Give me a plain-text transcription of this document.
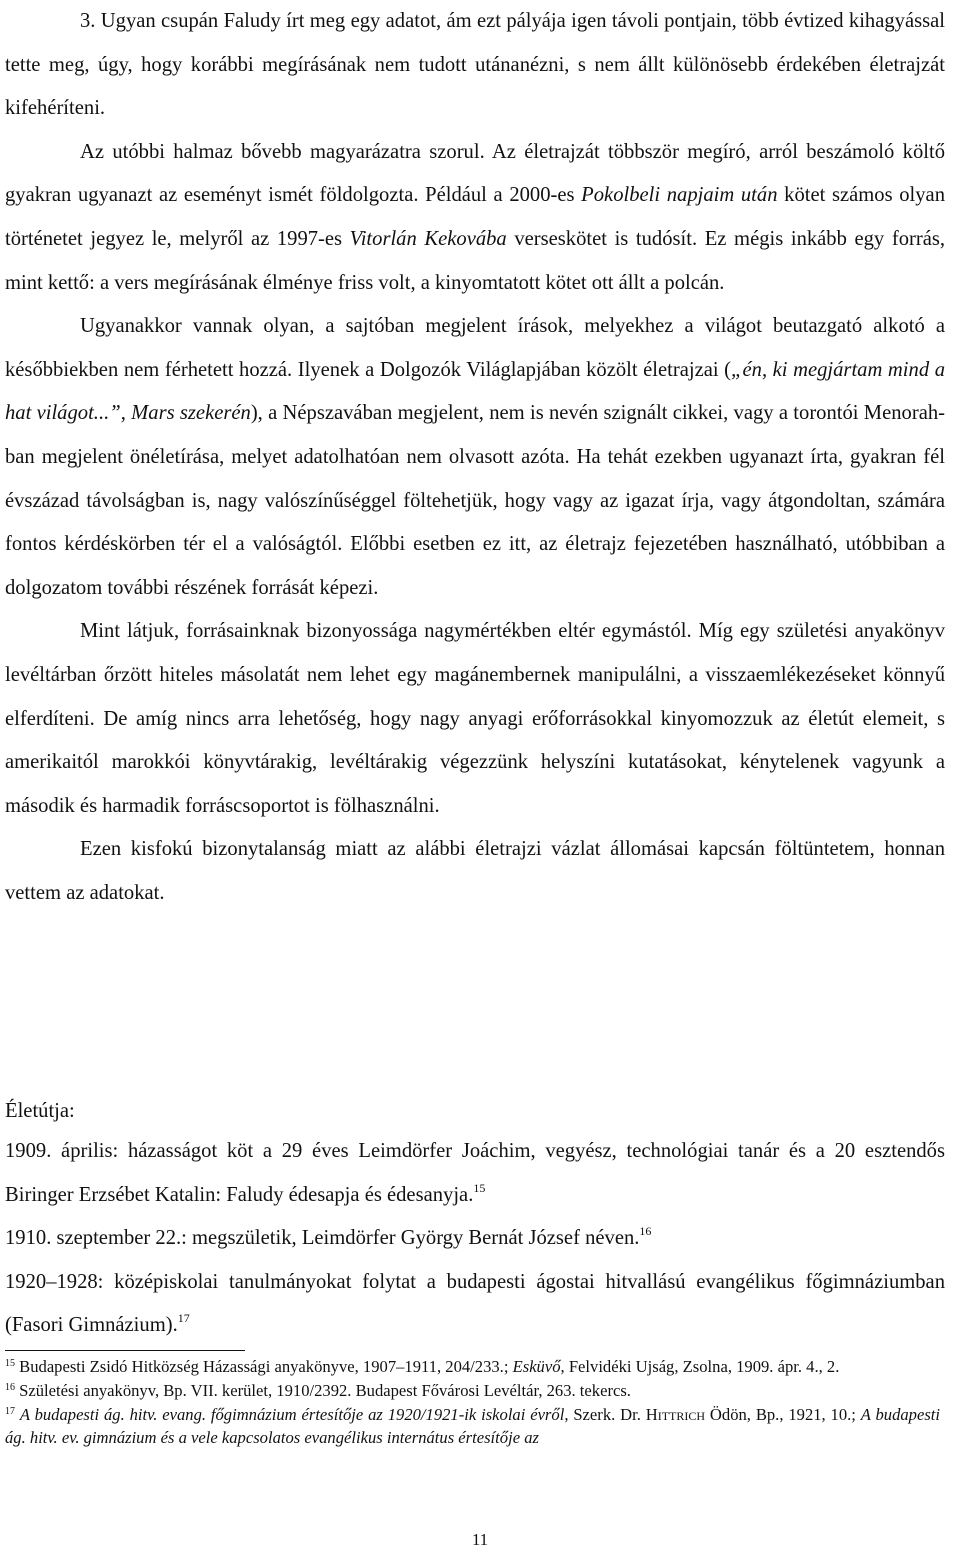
3. Ugyan csupán Faludy írt meg egy adatot, ám ezt pályája igen távoli pontjain, több évtized kihagyással tette meg, úgy, hogy korábbi megírásának nem tudott utánanézni, s nem állt különösebb érdekében életrajzát kifehéríteni.

Az utóbbi halmaz bővebb magyarázatra szorul. Az életrajzát többször megíró, arról beszámoló költő gyakran ugyanazt az eseményt ismét földolgozta. Például a 2000-es Pokolbeli napjaim után kötet számos olyan történetet jegyez le, melyről az 1997-es Vitorlán Kekovába verseskötet is tudósít. Ez mégis inkább egy forrás, mint kettő: a vers megírásának élménye friss volt, a kinyomtatott kötet ott állt a polcán.

Ugyanakkor vannak olyan, a sajtóban megjelent írások, melyekhez a világot beutazgató alkotó a későbbiekben nem férhetett hozzá. Ilyenek a Dolgozók Világlapjában közölt életrajzai („én, ki megjártam mind a hat világot...”, Mars szekerén), a Népszavában megjelent, nem is nevén szignált cikkei, vagy a torontói Menorah-ban megjelent önéletírása, melyet adatolhatóan nem olvasott azóta. Ha tehát ezekben ugyanazt írta, gyakran fél évszázad távolságban is, nagy valószínűséggel föltehetjük, hogy vagy az igazat írja, vagy átgondoltan, számára fontos kérdéskörben tér el a valóságtól. Előbbi esetben ez itt, az életrajz fejezetében használható, utóbbiban a dolgozatom további részének forrását képezi.

Mint látjuk, forrásainknak bizonyossága nagymértékben eltér egymástól. Míg egy születési anyakönyv levéltárban őrzött hiteles másolatát nem lehet egy magánembernek manipulálni, a visszaemlékezéseket könnyű elferdíteni. De amíg nincs arra lehetőség, hogy nagy anyagi erőforrásokkal kinyomozzuk az életút elemeit, s amerikaitól marokkói könyvtárakig, levéltárakig végezzünk helyszíni kutatásokat, kénytelenek vagyunk a második és harmadik forráscsoportot is fölhasználni.

Ezen kisfokú bizonytalanság miatt az alábbi életrajzi vázlat állomásai kapcsán föltüntetem, honnan vettem az adatokat.

Életútja:

1909. április: házasságot köt a 29 éves Leimdörfer Joáchim, vegyész, technológiai tanár és a 20 esztendős Biringer Erzsébet Katalin: Faludy édesapja és édesanyja.$^{15}$

1910. szeptember 22.: megszületik, Leimdörfer György Bernát József néven.$^{16}$

1920–1928: középiskolai tanulmányokat folytat a budapesti ágostai hitvallású evangélikus főgimnáziumban (Fasori Gimnázium).$^{17}$

$^{15}$ Budapesti Zsidó Hitközség Házassági anyakönyve, 1907–1911, 204/233.; Esküvő, Felvidéki Ujság, Zsolna, 1909. ápr. 4., 2.

$^{16}$ Születési anyakönyv, Bp. VII. kerület, 1910/2392. Budapest Fővárosi Levéltár, 263. tekercs.

$^{17}$ A budapesti ág. hitv. evang. főgimnázium értesítője az 1920/1921-ik iskolai évről, Szerk. Dr. Hittrich Ödön, Bp., 1921, 10.; A budapesti ág. hitv. ev. gimnázium és a vele kapcsolatos evangélikus internátus értesítője az

11
